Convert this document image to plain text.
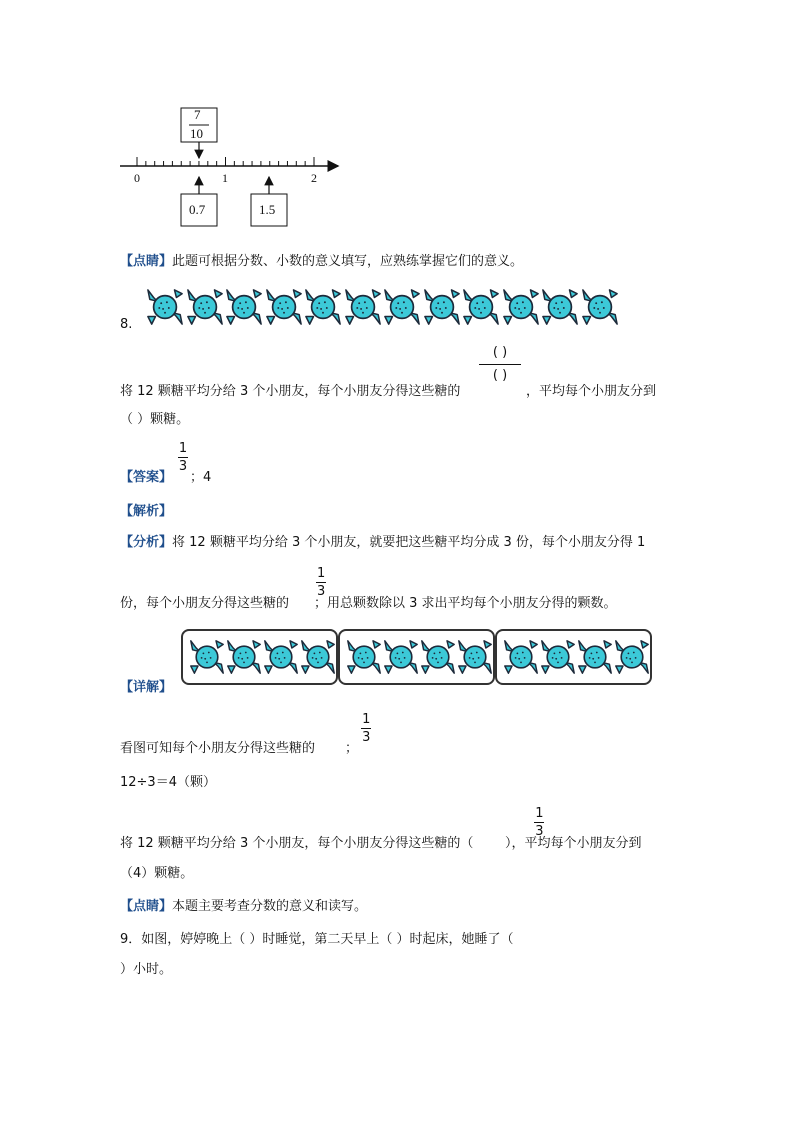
7
10
0	1	2
0.7	1.5
【点睛】此题可根据分数、小数的意义填写，应熟练掌握它们的意义。
8.
将 12 颗糖平均分给 3 个小朋友，每个小朋友分得这些糖的
( )
( )
，平均每个小朋友分到
（ ）颗糖。
【答案】
$\frac{1}{3}$

；4
【解析】
【分析】将 12 颗糖平均分给 3 个小朋友，就要把这些糖平均分成 3 份，每个小朋友分得 1
份，每个小朋友分得这些糖的
$\frac{1}{3}$

；用总颗数除以 3 求出平均每个小朋友分得的颗数。
【详解】
看图可知每个小朋友分得这些糖的
$\frac{1}{3}$

；
12÷3＝4（颗）
将 12 颗糖平均分给 3 个小朋友，每个小朋友分得这些糖的（
$\frac{1}{3}$
），平均每个小朋友分到
（4）颗糖。
【点睛】本题主要考查分数的意义和读写。
9．如图，婷婷晚上（ ）时睡觉，第二天早上（ ）时起床，她睡了（
）小时。
